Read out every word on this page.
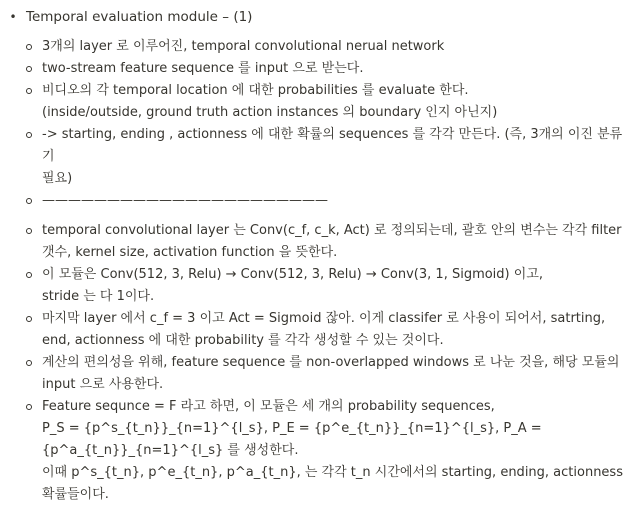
• Temporal evaluation module – (1)
3개의 layer 로 이루어진, temporal convolutional nerual network
two-stream feature sequence 를 input 으로 받는다.
비디오의 각 temporal location 에 대한 probabilities 를 evaluate 한다.
(inside/outside, ground truth action instances 의 boundary 인지 아닌지)
-> starting, ending , actionness 에 대한 확률의 sequences 를 각각 만든다. (즉, 3개의 이진 분류기
필요)
——————————————————————
temporal convolutional layer 는 Conv(c_f, c_k, Act) 로 정의되는데, 괄호 안의 변수는 각각 filter
갯수, kernel size, activation function 을 뜻한다.
이 모듈은 Conv(512, 3, Relu) → Conv(512, 3, Relu) → Conv(3, 1, Sigmoid) 이고,
stride 는 다 1이다.
마지막 layer 에서 c_f = 3 이고 Act = Sigmoid 잖아. 이게 classifer 로 사용이 되어서, satrting,
end, actionness 에 대한 probability 를 각각 생성할 수 있는 것이다.
계산의 편의성을 위해, feature sequence 를 non-overlapped windows 로 나눈 것을, 해당 모듈의
input 으로 사용한다.
Feature sequnce = F 라고 하면, 이 모듈은 세 개의 probability sequences,
P_S = {p^s_{t_n}}_{n=1}^{l_s}, P_E = {p^e_{t_n}}_{n=1}^{l_s}, P_A = {p^a_{t_n}}_{n=1}^{l_s} 를 생성한다.
이때 p^s_{t_n}, p^e_{t_n}, p^a_{t_n}, 는 각각 t_n 시간에서의 starting, ending, actionness 확률들이다.
